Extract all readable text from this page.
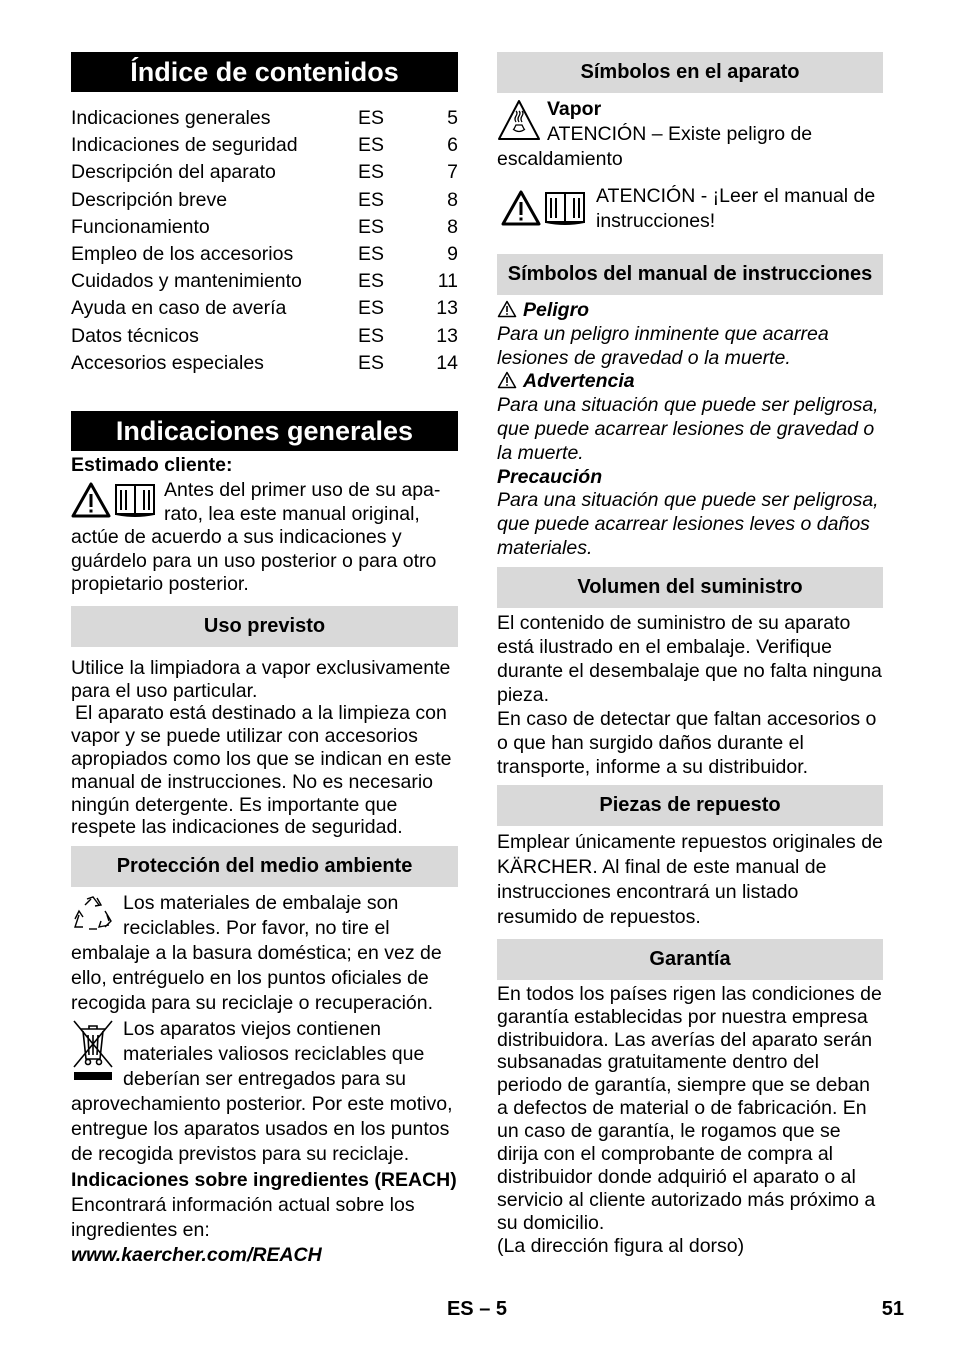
Índice de contenidos
Indicaciones generales	ES	5
Indicaciones de seguridad	ES	6
Descripción del aparato	ES	7
Descripción breve	ES	8
Funcionamiento	ES	8
Empleo de los accesorios	ES	9
Cuidados y mantenimiento	ES	11
Ayuda en caso de avería	ES	13
Datos técnicos	ES	13
Accesorios especiales	ES	14
Indicaciones generales

Estimado cliente:

Antes del primer uso de su apa-

rato, lea este manual original,

actúe de acuerdo a sus indicaciones y guárdelo para un uso posterior o para otro propietario posterior.

Uso previsto

Utilice la limpiadora a vapor exclusivamente para el uso particular.

El aparato está destinado a la limpieza con vapor y se puede utilizar con accesorios apropiados como los que se indican en este manual de instrucciones. No es necesario ningún detergente. Es importante que respete las indicaciones de seguridad.

Protección del medio ambiente

Los materiales de embalaje son reciclables. Por favor, no tire el embalaje a la basura doméstica; en vez de ello, entréguelo en los puntos oficiales de recogida para su reciclaje o recuperación.

Los aparatos viejos contienen materiales valiosos reciclables que deberían ser entregados para su aprovechamiento posterior. Por este motivo, entregue los aparatos usados en los puntos de recogida previstos para su reciclaje.

Indicaciones sobre ingredientes (REACH)

Encontrará información actual sobre los ingredientes en:

www.kaercher.com/REACH

Símbolos en el aparato

Vapor

ATENCIÓN – Existe peligro de escaldamiento

ATENCIÓN - ¡Leer el manual de instrucciones!

Símbolos del manual de instrucciones

Peligro

Para un peligro inminente que acarrea lesiones de gravedad o la muerte.

Advertencia

Para una situación que puede ser peligrosa, que puede acarrear lesiones de gravedad o la muerte.

Precaución

Para una situación que puede ser peligrosa, que puede acarrear lesiones leves o daños materiales.

Volumen del suministro

El contenido de suministro de su aparato está ilustrado en el embalaje. Verifique durante el desembalaje que no falta ninguna pieza.

En caso de detectar que faltan accesorios o o que han surgido daños durante el transporte, informe a su distribuidor.

Piezas de repuesto

Emplear únicamente repuestos originales de KÄRCHER. Al final de este manual de instrucciones encontrará un listado resumido de repuestos.

Garantía

En todos los países rigen las condiciones de garantía establecidas por nuestra empresa distribuidora. Las averías del aparato serán subsanadas gratuitamente dentro del periodo de garantía, siempre que se deban a defectos de material o de fabricación. En un caso de garantía, le rogamos que se dirija con el comprobante de compra al distribuidor donde adquirió el aparato o al servicio al cliente autorizado más próximo a su domicilio.

(La dirección figura al dorso)

ES – 5	51
